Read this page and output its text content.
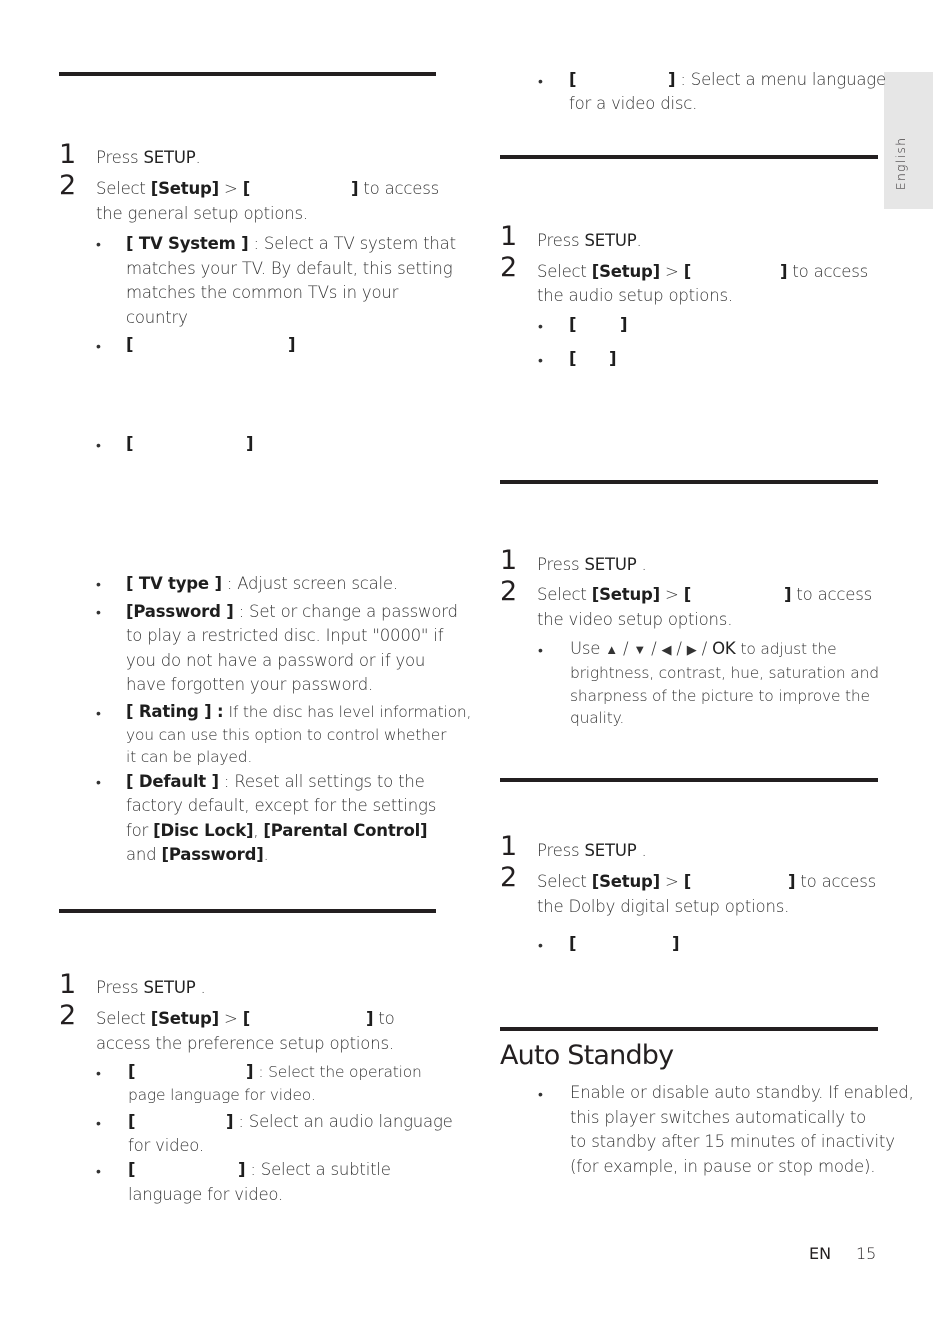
English
1 Press SETUP.
2 Select [Setup] > [	] to access
the general setup options.
• [ TV System ] : Select a TV system that
matches your TV. By default, this setting
matches the common TVs in your
country
• [	]
• [	]
• [ TV type ] : Adjust screen scale.
• [Password ] : Set or change a password
to play a restricted disc. Input "0000" if
you do not have a password or if you
have forgotten your password.
• [ Rating ] : If the disc has level information,
you can use this option to control whether
it can be played.
• [ Default ] : Reset all settings to the
factory default, except for the settings
for [Disc Lock], [Parental Control]
and [Password].
1 Press SETUP .
2 Select [Setup] > [	] to
access the preference setup options.
• [	] : Select the operation
page language for video.
• [	] : Select an audio language
for video.
• [	] : Select a subtitle
language for video.
• [	] : Select a menu language
for a video disc.
1 Press SETUP.
2 Select [Setup] > [	] to access
the audio setup options.
• [	]
• [ ]
1 Press SETUP .
2 Select [Setup] > [	] to access
the video setup options.
• Use ▲ / ▼ / ◀ / ▶ / OK to adjust the
brightness, contrast, hue, saturation and
sharpness of the picture to improve the
quality.
1 Press SETUP .
2 Select [Setup] > [	] to access
the Dolby digital setup options.
• [	]
Auto Standby
• Enable or disable auto standby. If enabled,
this player switches automatically to
to standby after 15 minutes of inactivity
(for example, in pause or stop mode).
EN 15
